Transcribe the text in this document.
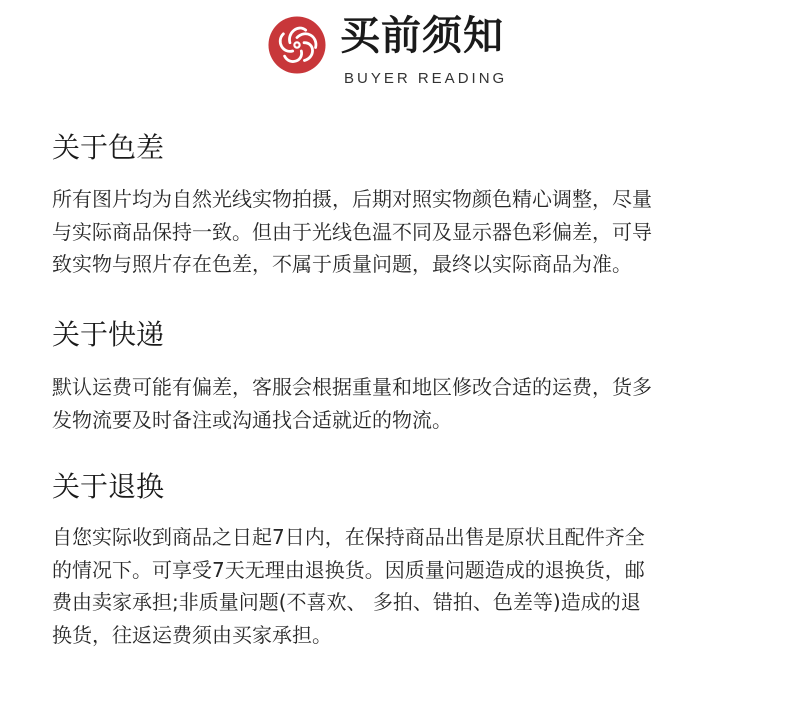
买前须知
BUYER READING
关于色差

所有图片均为自然光线实物拍摄，后期对照实物颜色精心调整，尽量
与实际商品保持一致。但由于光线色温不同及显示器色彩偏差，可导
致实物与照片存在色差，不属于质量问题，最终以实际商品为准。

关于快递

默认运费可能有偏差，客服会根据重量和地区修改合适的运费，货多
发物流要及时备注或沟通找合适就近的物流。

关于退换

自您实际收到商品之日起7日内，在保持商品出售是原状且配件齐全
的情况下。可享受7天无理由退换货。因质量问题造成的退换货，邮
费由卖家承担;非质量问题(不喜欢、 多拍、错拍、色差等)造成的退
换货，往返运费须由买家承担。
